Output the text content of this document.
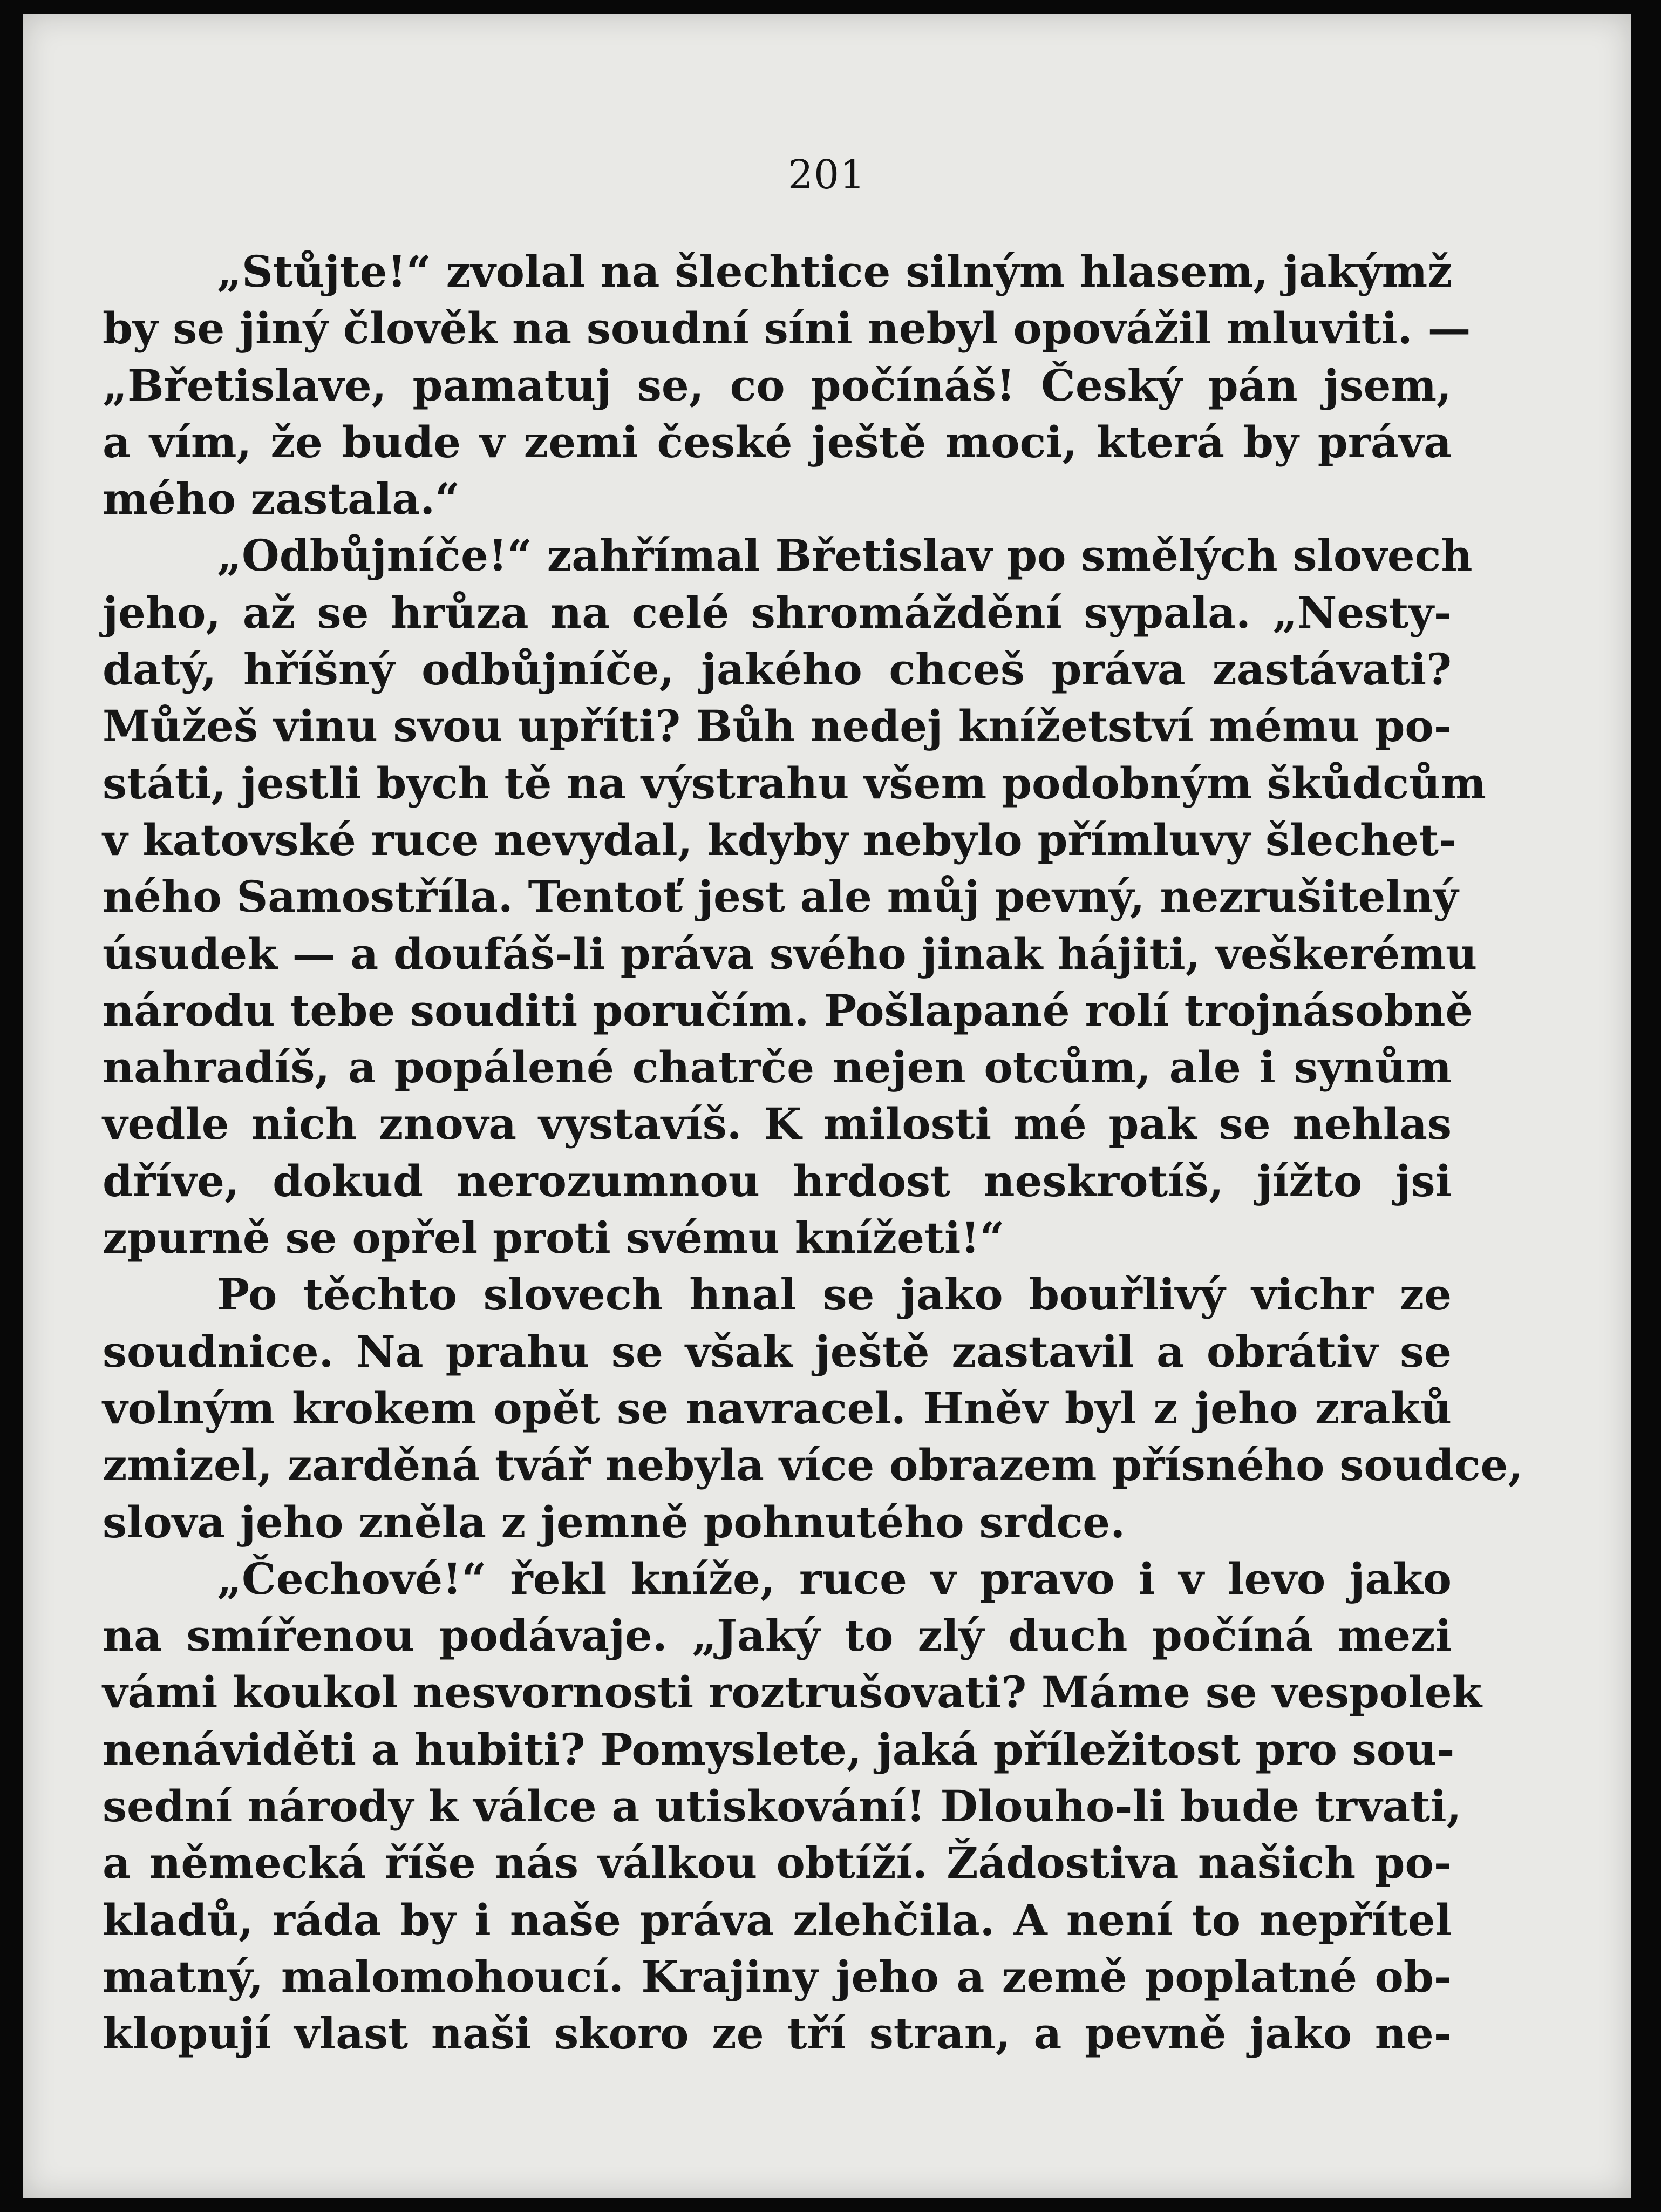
201
„Stůjte!“ zvolal na šlechtice silným hlasem, jakýmž
by se jiný člověk na soudní síni nebyl opovážil mluviti. —
„Břetislave, pamatuj se, co počínáš! Český pán jsem,
a vím, že bude v zemi české ještě moci, která by práva
mého zastala.“
„Odbůjníče!“ zahřímal Břetislav po smělých slovech
jeho, až se hrůza na celé shromáždění sypala. „Nesty-
datý, hříšný odbůjníče, jakého chceš práva zastávati?
Můžeš vinu svou upříti? Bůh nedej knížetství mému po-
státi, jestli bych tě na výstrahu všem podobným škůdcům
v katovské ruce nevydal, kdyby nebylo přímluvy šlechet-
ného Samostříla. Tentoť jest ale můj pevný, nezrušitelný
úsudek — a doufáš-li práva svého jinak hájiti, veškerému
národu tebe souditi poručím. Pošlapané rolí trojnásobně
nahradíš, a popálené chatrče nejen otcům, ale i synům
vedle nich znova vystavíš. K milosti mé pak se nehlas
dříve, dokud nerozumnou hrdost neskrotíš, jížto jsi
zpurně se opřel proti svému knížeti!“
Po těchto slovech hnal se jako bouřlivý vichr ze
soudnice. Na prahu se však ještě zastavil a obrátiv se
volným krokem opět se navracel. Hněv byl z jeho zraků
zmizel, zarděná tvář nebyla více obrazem přísného soudce,
slova jeho zněla z jemně pohnutého srdce.
„Čechové!“ řekl kníže, ruce v pravo i v levo jako
na smířenou podávaje. „Jaký to zlý duch počíná mezi
vámi koukol nesvornosti roztrušovati? Máme se vespolek
nenáviděti a hubiti? Pomyslete, jaká příležitost pro sou-
sední národy k válce a utiskování! Dlouho-li bude trvati,
a německá říše nás válkou obtíží. Žádostiva našich po-
kladů, ráda by i naše práva zlehčila. A není to nepřítel
matný, malomohoucí. Krajiny jeho a země poplatné ob-
klopují vlast naši skoro ze tří stran, a pevně jako ne-
